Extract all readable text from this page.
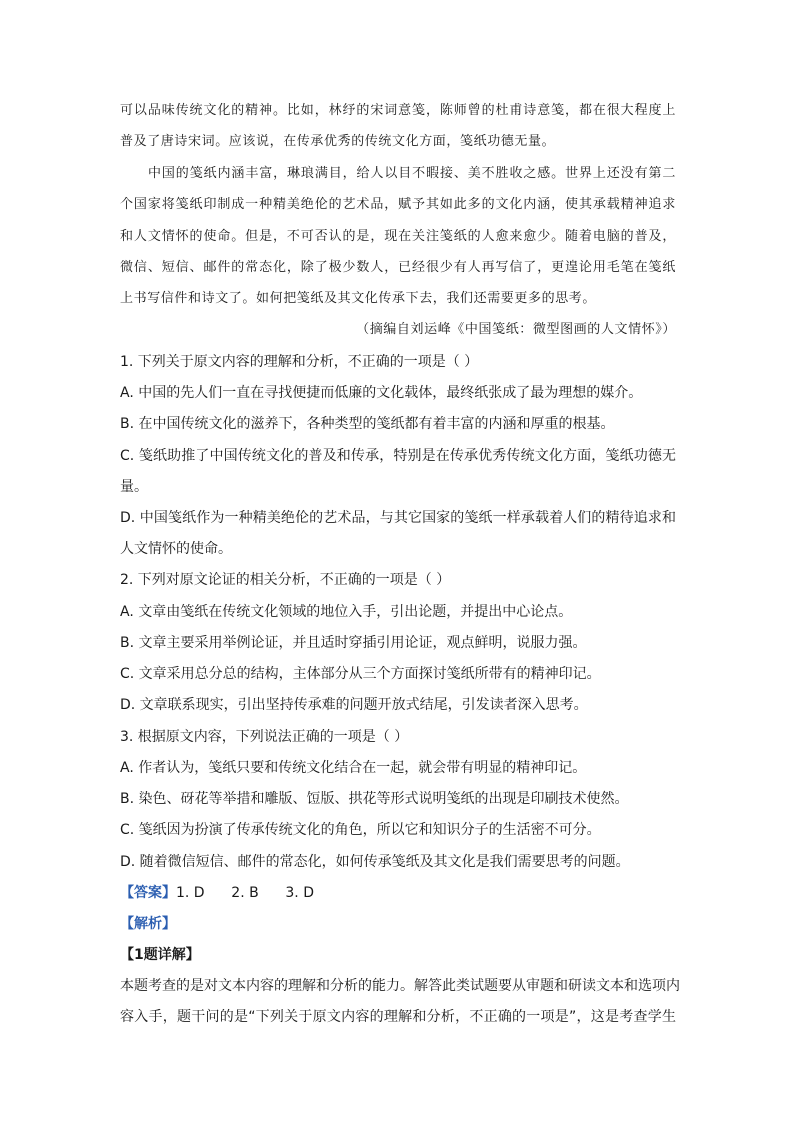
可以品味传统文化的精神。比如，林纾的宋词意笺，陈师曾的杜甫诗意笺，都在很大程度上
普及了唐诗宋词。应该说，在传承优秀的传统文化方面，笺纸功德无量。
中国的笺纸内涵丰富，琳琅满目，给人以目不暇接、美不胜收之感。世界上还没有第二
个国家将笺纸印制成一种精美绝伦的艺术品，赋予其如此多的文化内涵，使其承载精神追求
和人文情怀的使命。但是，不可否认的是，现在关注笺纸的人愈来愈少。随着电脑的普及，
微信、短信、邮件的常态化，除了极少数人，已经很少有人再写信了，更遑论用毛笔在笺纸
上书写信件和诗文了。如何把笺纸及其文化传承下去，我们还需要更多的思考。
（摘编自刘运峰《中国笺纸：微型图画的人文情怀》）
1. 下列关于原文内容的理解和分析，不正确的一项是（ ）
A. 中国的先人们一直在寻找便捷而低廉的文化载体，最终纸张成了最为理想的媒介。
B. 在中国传统文化的滋养下，各种类型的笺纸都有着丰富的内涵和厚重的根基。
C. 笺纸助推了中国传统文化的普及和传承，特别是在传承优秀传统文化方面，笺纸功德无
量。
D. 中国笺纸作为一种精美绝伦的艺术品，与其它国家的笺纸一样承载着人们的精待追求和
人文情怀的使命。
2. 下列对原文论证的相关分析，不正确的一项是（ ）
A. 文章由笺纸在传统文化领域的地位入手，引出论题，并提出中心论点。
B. 文章主要采用举例论证，并且适时穿插引用论证，观点鲜明，说服力强。
C. 文章采用总分总的结构，主体部分从三个方面探讨笺纸所带有的精神印记。
D. 文章联系现实，引出坚持传承难的问题开放式结尾，引发读者深入思考。
3. 根据原文内容，下列说法正确的一项是（ ）
A. 作者认为，笺纸只要和传统文化结合在一起，就会带有明显的精神印记。
B. 染色、砑花等举措和雕版、饾版、拱花等形式说明笺纸的出现是印刷技术使然。
C. 笺纸因为扮演了传承传统文化的角色，所以它和知识分子的生活密不可分。
D. 随着微信短信、邮件的常态化，如何传承笺纸及其文化是我们需要思考的问题。
【答案】1. D      2. B      3. D
【解析】
【1题详解】
本题考查的是对文本内容的理解和分析的能力。解答此类试题要从审题和研读文本和选项内
容入手，题干问的是“下列关于原文内容的理解和分析，不正确的一项是”，这是考查学生
